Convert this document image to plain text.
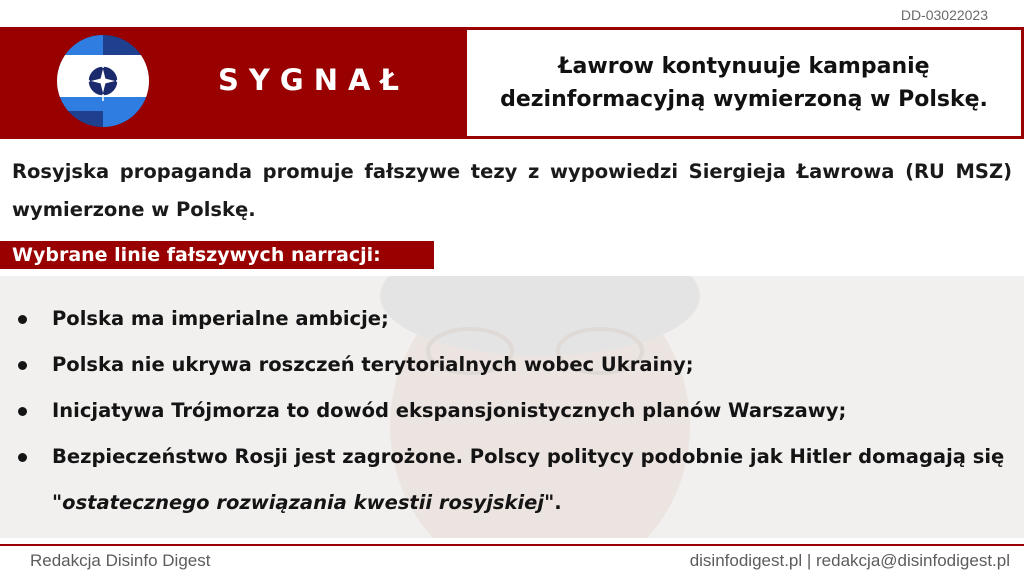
DD-03022023
SYGNAŁ	Ławrow kontynuuje kampanię dezinformacyjną wymierzoną w Polskę.
Rosyjska propaganda promuje fałszywe tezy z wypowiedzi Siergieja Ławrowa (RU MSZ) wymierzone w Polskę.
Wybrane linie fałszywych narracji:
Polska ma imperialne ambicje;
Polska nie ukrywa roszczeń terytorialnych wobec Ukrainy;
Inicjatywa Trójmorza to dowód ekspansjonistycznych planów Warszawy;
Bezpieczeństwo Rosji jest zagrożone. Polscy politycy podobnie jak Hitler domagają się "ostatecznego rozwiązania kwestii rosyjskiej".
Redakcja Disinfo Digest	disinfodigest.pl | redakcja@disinfodigest.pl
